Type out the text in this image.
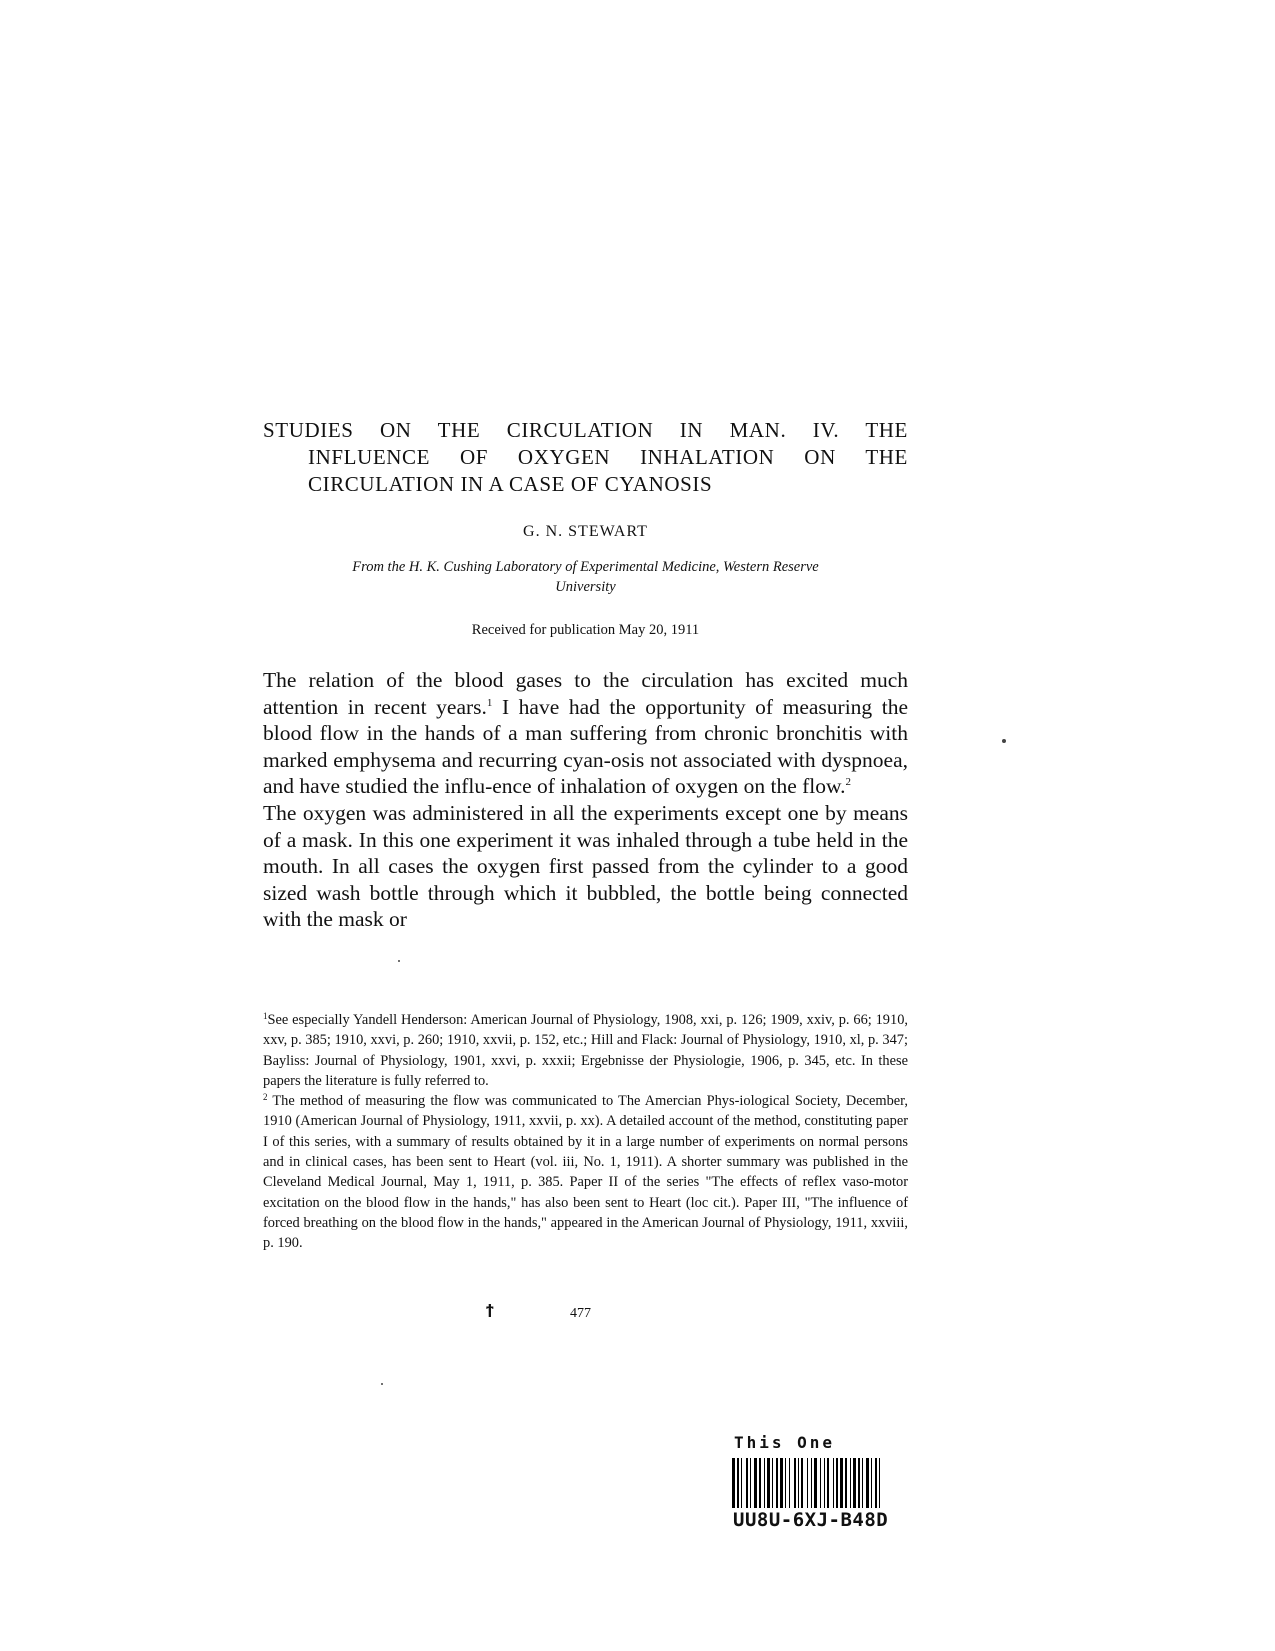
STUDIES ON THE CIRCULATION IN MAN. IV. THE
INFLUENCE OF OXYGEN INHALATION ON THE
CIRCULATION IN A CASE OF CYANOSIS
G. N. STEWART
From the H. K. Cushing Laboratory of Experimental Medicine, Western Reserve
University
Received for publication May 20, 1911

The relation of the blood gases to the circulation has excited much attention in recent years.$^1$ I have had the opportunity of measuring the blood flow in the hands of a man suffering from chronic bronchitis with marked emphysema and recurring cyan-osis not associated with dyspnoea, and have studied the influ-ence of inhalation of oxygen on the flow.$^2$

The oxygen was administered in all the experiments except one by means of a mask. In this one experiment it was inhaled through a tube held in the mouth. In all cases the oxygen first passed from the cylinder to a good sized wash bottle through which it bubbled, the bottle being connected with the mask or

$^1$See especially Yandell Henderson: American Journal of Physiology, 1908, xxi, p. 126; 1909, xxiv, p. 66; 1910, xxv, p. 385; 1910, xxvi, p. 260; 1910, xxvii, p. 152, etc.; Hill and Flack: Journal of Physiology, 1910, xl, p. 347; Bayliss: Journal of Physiology, 1901, xxvi, p. xxxii; Ergebnisse der Physiologie, 1906, p. 345, etc. In these papers the literature is fully referred to.

$^2$ The method of measuring the flow was communicated to The Amercian Phys-iological Society, December, 1910 (American Journal of Physiology, 1911, xxvii, p. xx). A detailed account of the method, constituting paper I of this series, with a summary of results obtained by it in a large number of experiments on normal persons and in clinical cases, has been sent to Heart (vol. iii, No. 1, 1911). A shorter summary was published in the Cleveland Medical Journal, May 1, 1911, p. 385. Paper II of the series "The effects of reflex vaso-motor excitation on the blood flow in the hands," has also been sent to Heart (loc cit.). Paper III, "The influence of forced breathing on the blood flow in the hands," appeared in the American Journal of Physiology, 1911, xxviii, p. 190.

ϯ	477
This One
UU8U-6XJ-B48D
